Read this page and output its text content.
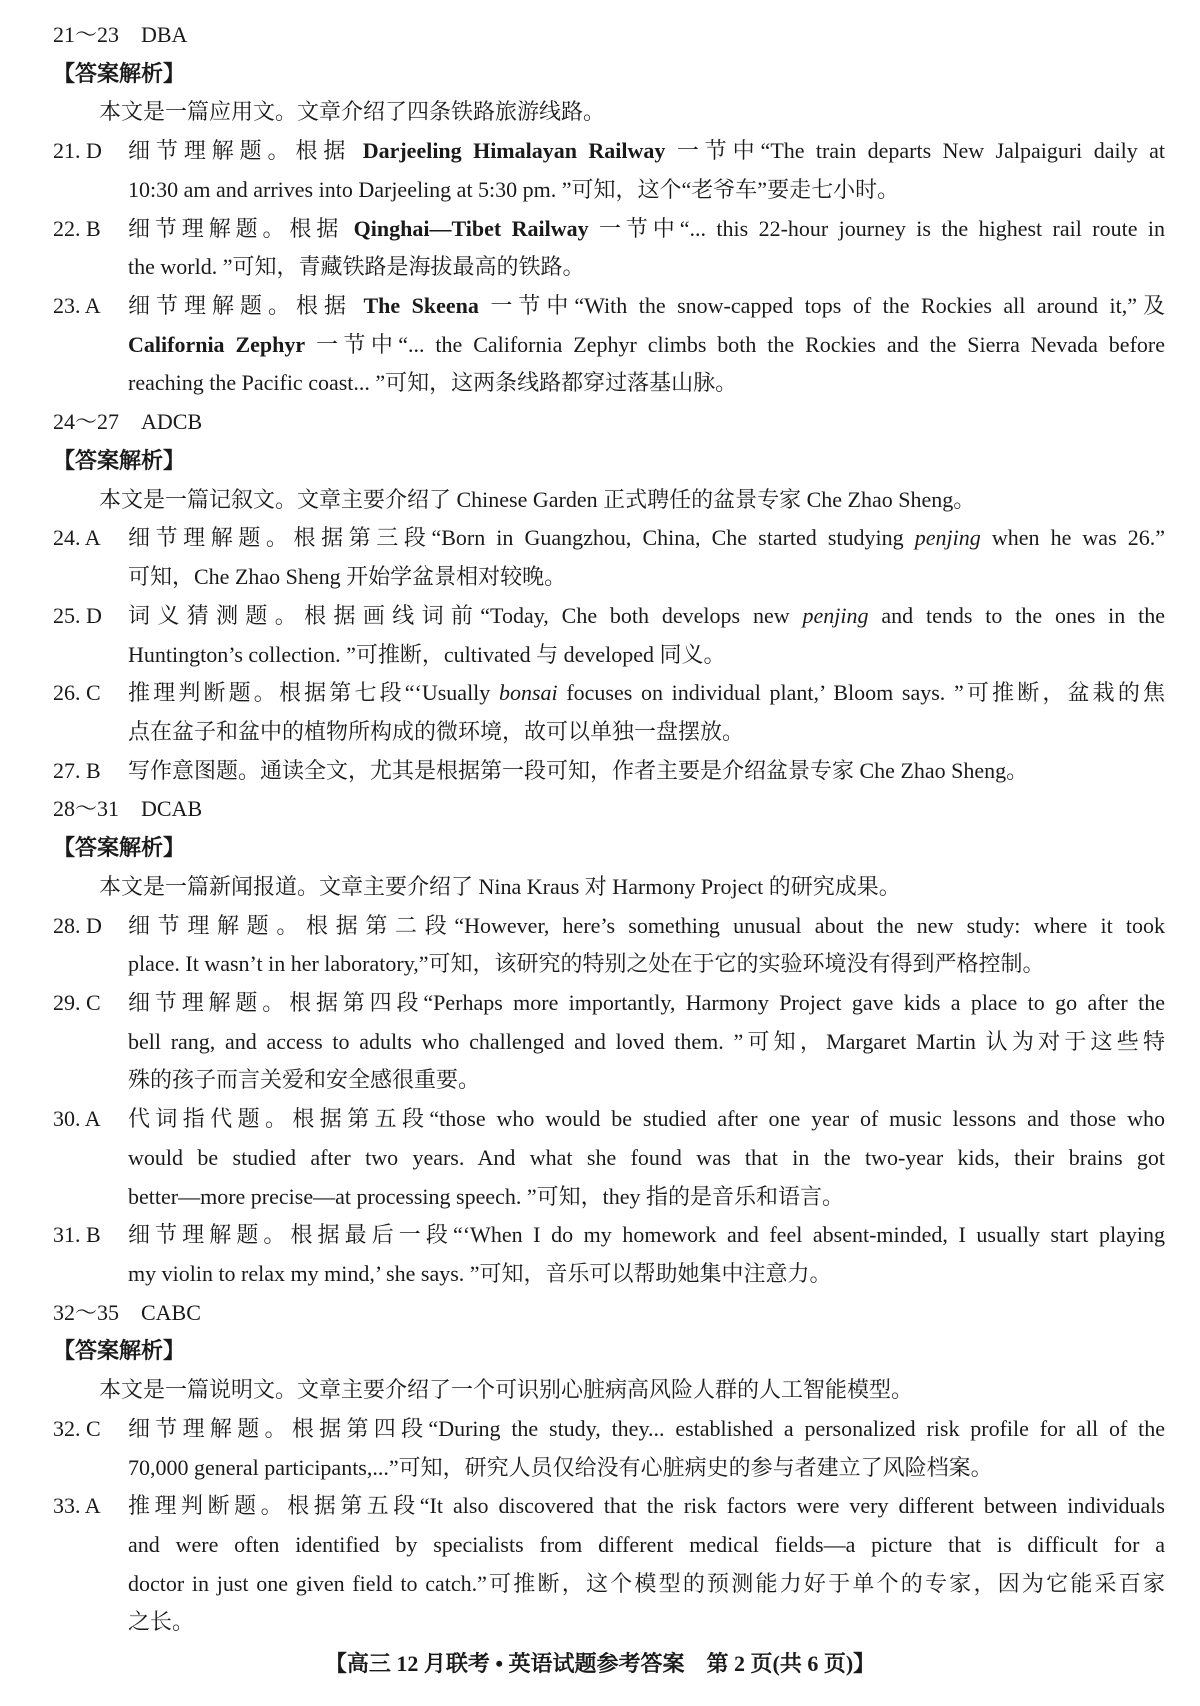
21～23　DBA
【答案解析】
本文是一篇应用文。文章介绍了四条铁路旅游线路。
21. D 细节理解题。根据 Darjeeling Himalayan Railway 一节中“The train departs New Jalpaiguri daily at
10:30 am and arrives into Darjeeling at 5:30 pm. ”可知，这个“老爷车”要走七小时。
22. B 细节理解题。根据 Qinghai—Tibet Railway 一节中“... this 22-hour journey is the highest rail route in
the world. ”可知，青藏铁路是海拔最高的铁路。
23. A 细节理解题。根据 The Skeena 一节中“With the snow-capped tops of the Rockies all around it,”及
California Zephyr 一节中“... the California Zephyr climbs both the Rockies and the Sierra Nevada before
reaching the Pacific coast... ”可知，这两条线路都穿过落基山脉。
24～27　ADCB
【答案解析】
本文是一篇记叙文。文章主要介绍了 Chinese Garden 正式聘任的盆景专家 Che Zhao Sheng。
24. A 细节理解题。根据第三段“Born in Guangzhou, China, Che started studying penjing when he was 26.”
可知，Che Zhao Sheng 开始学盆景相对较晚。
25. D 词义猜测题。根据画线词前“Today, Che both develops new penjing and tends to the ones in the
Huntington’s collection. ”可推断，cultivated 与 developed 同义。
26. C 推理判断题。根据第七段“‘Usually bonsai focuses on individual plant,’ Bloom says. ”可推断，盆栽的焦
点在盆子和盆中的植物所构成的微环境，故可以单独一盘摆放。
27. B 写作意图题。通读全文，尤其是根据第一段可知，作者主要是介绍盆景专家 Che Zhao Sheng。
28～31　DCAB
【答案解析】
本文是一篇新闻报道。文章主要介绍了 Nina Kraus 对 Harmony Project 的研究成果。
28. D 细节理解题。根据第二段“However, here’s something unusual about the new study: where it took
place. It wasn’t in her laboratory,”可知，该研究的特别之处在于它的实验环境没有得到严格控制。
29. C 细节理解题。根据第四段“Perhaps more importantly, Harmony Project gave kids a place to go after the
bell rang, and access to adults who challenged and loved them. ”可知，Margaret Martin 认为对于这些特
殊的孩子而言关爱和安全感很重要。
30. A 代词指代题。根据第五段“those who would be studied after one year of music lessons and those who
would be studied after two years. And what she found was that in the two-year kids, their brains got
better—more precise—at processing speech. ”可知，they 指的是音乐和语言。
31. B 细节理解题。根据最后一段“‘When I do my homework and feel absent-minded, I usually start playing
my violin to relax my mind,’ she says. ”可知，音乐可以帮助她集中注意力。
32～35　CABC
【答案解析】
本文是一篇说明文。文章主要介绍了一个可识别心脏病高风险人群的人工智能模型。
32. C 细节理解题。根据第四段“During the study, they... established a personalized risk profile for all of the
70,000 general participants,...”可知，研究人员仅给没有心脏病史的参与者建立了风险档案。
33. A 推理判断题。根据第五段“It also discovered that the risk factors were very different between individuals
and were often identified by specialists from different medical fields—a picture that is difficult for a
doctor in just one given field to catch.”可推断，这个模型的预测能力好于单个的专家，因为它能采百家
之长。
【高三 12 月联考 • 英语试题参考答案　第 2 页(共 6 页)】
